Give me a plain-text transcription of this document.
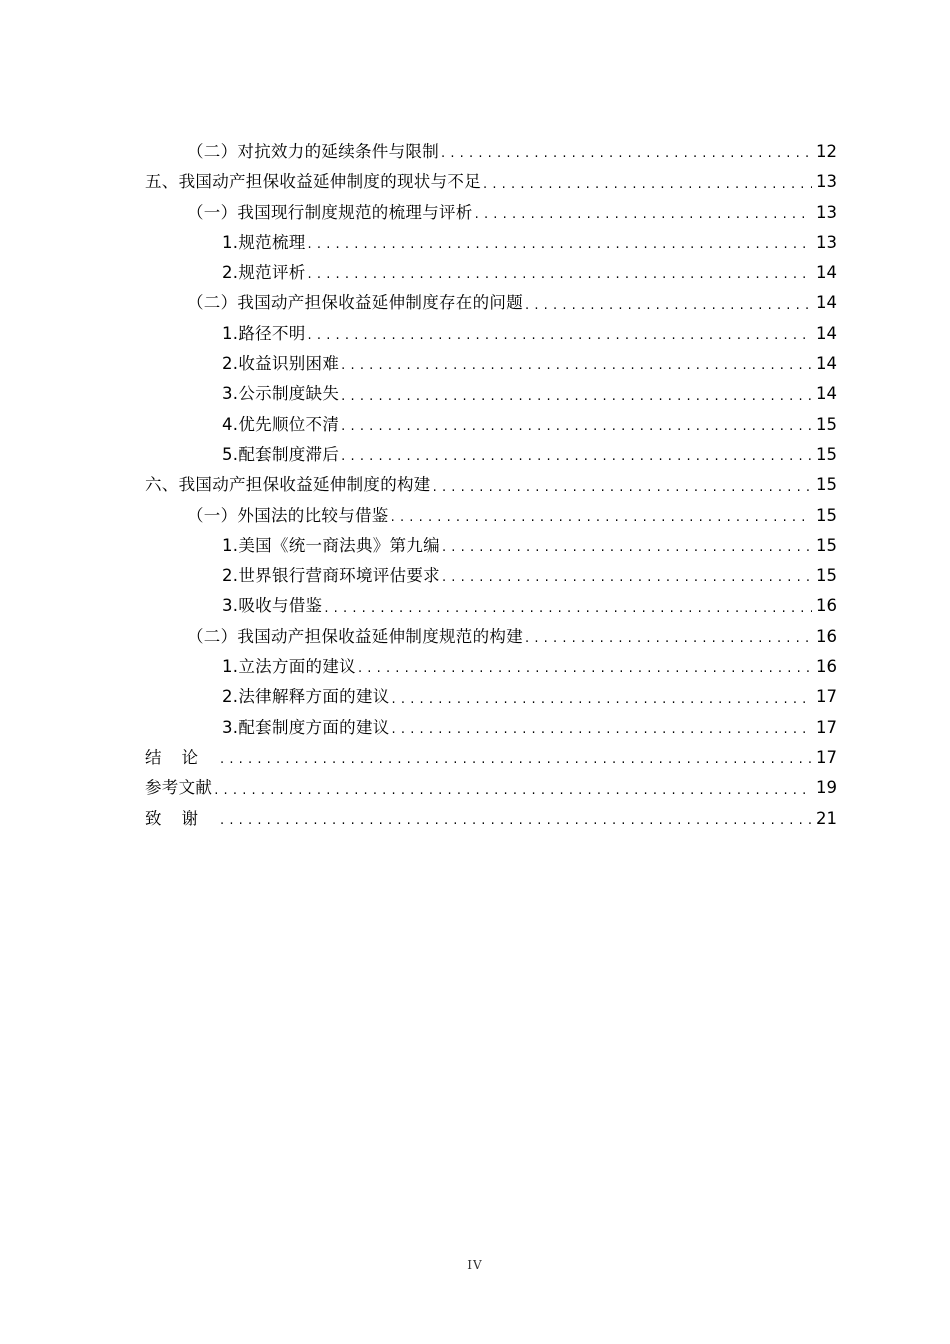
（二）对抗效力的延续条件与限制 .....	12
五、我国动产担保收益延伸制度的现状与不足 .....	13
（一）我国现行制度规范的梳理与评析 .....	13
1.规范梳理 .....	13
2.规范评析 .....	14
（二）我国动产担保收益延伸制度存在的问题 .....	14
1.路径不明 .....	14
2.收益识别困难 .....	14
3.公示制度缺失 .....	14
4.优先顺位不清 .....	15
5.配套制度滞后 .....	15
六、我国动产担保收益延伸制度的构建 .....	15
（一）外国法的比较与借鉴 .....	15
1.美国《统一商法典》第九编 .....	15
2.世界银行营商环境评估要求 .....	15
3.吸收与借鉴 .....	16
（二）我国动产担保收益延伸制度规范的构建 .....	16
1.立法方面的建议 .....	16
2.法律解释方面的建议 .....	17
3.配套制度方面的建议 .....	17
结论 .....	17
参考文献 .....	19
致谢 .....	21
IV
